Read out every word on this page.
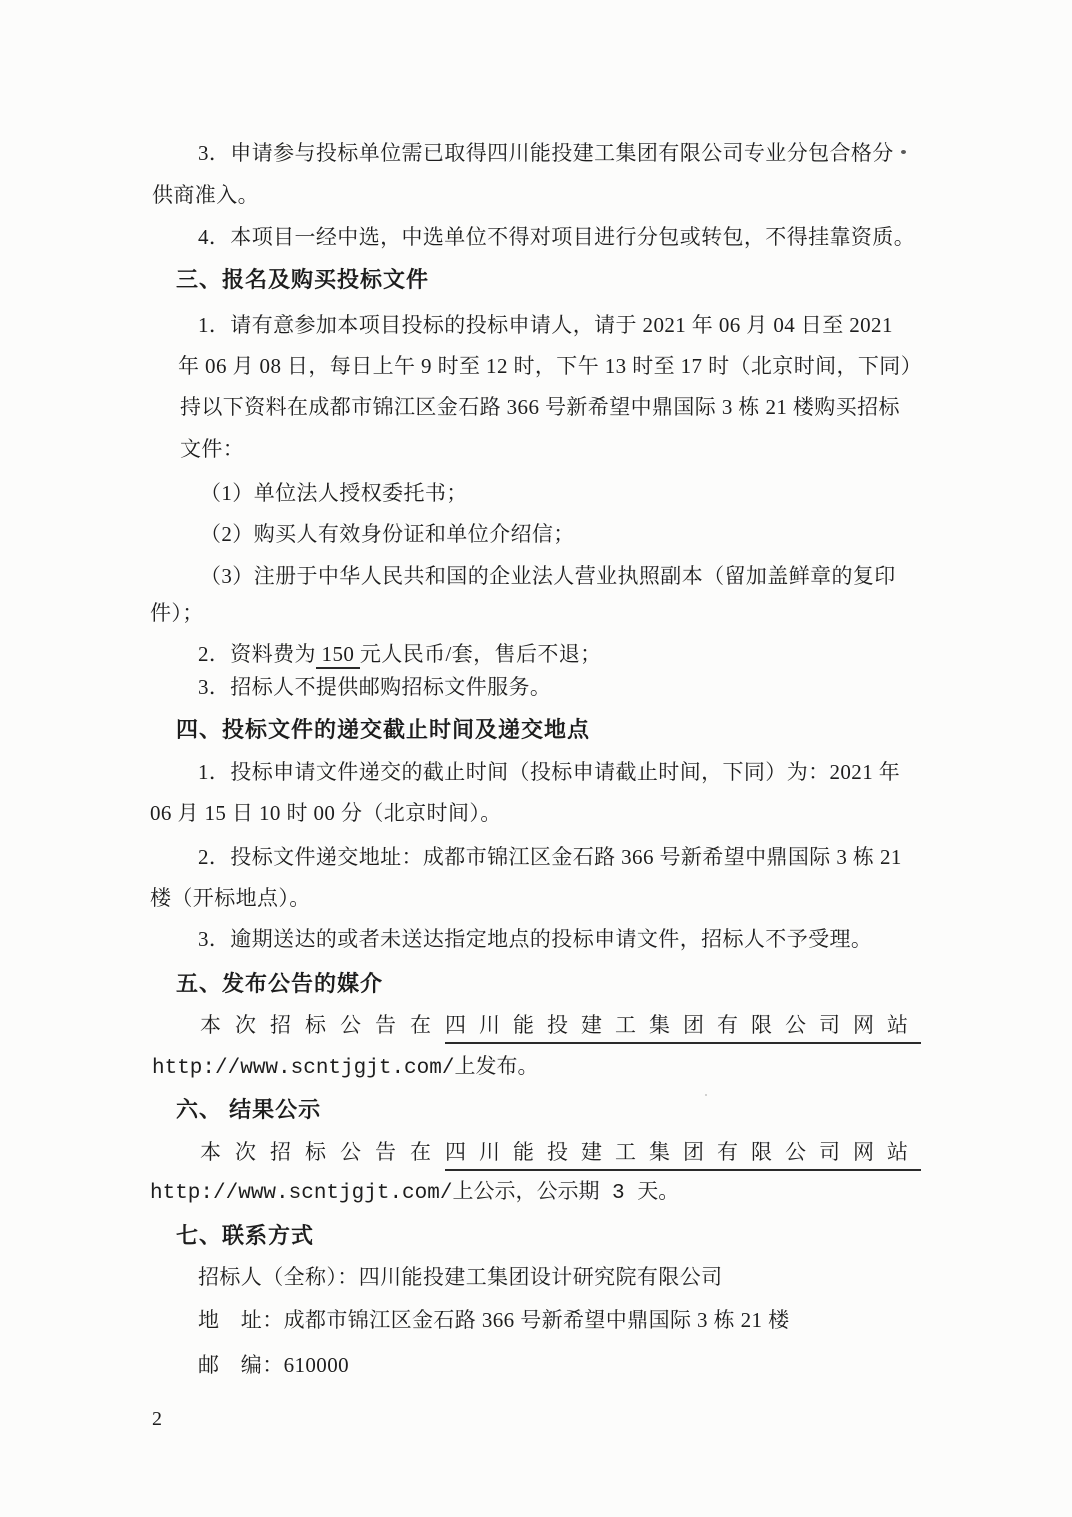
3．申请参与投标单位需已取得四川能投建工集团有限公司专业分包合格分
供商准入。
4．本项目一经中选，中选单位不得对项目进行分包或转包，不得挂靠资质。
三、报名及购买投标文件
1．请有意参加本项目投标的投标申请人，请于 2021 年 06 月 04 日至 2021
年 06 月 08 日，每日上午 9 时至 12 时，下午 13 时至 17 时（北京时间，下同）
持以下资料在成都市锦江区金石路 366 号新希望中鼎国际 3 栋 21 楼购买招标
文件：
（1）单位法人授权委托书；
（2）购买人有效身份证和单位介绍信；
（3）注册于中华人民共和国的企业法人营业执照副本（留加盖鲜章的复印
件）；
2．资料费为 150 元人民币/套，售后不退；
3．招标人不提供邮购招标文件服务。
四、投标文件的递交截止时间及递交地点
1．投标申请文件递交的截止时间（投标申请截止时间，下同）为：2021 年
06 月 15 日 10 时 00 分（北京时间）。
2．投标文件递交地址：成都市锦江区金石路 366 号新希望中鼎国际 3 栋 21
楼（开标地点）。
3．逾期送达的或者未送达指定地点的投标申请文件，招标人不予受理。
五、发布公告的媒介
本次招标公告在 四川能投建工集团有限公司网站
http://www.scntjgjt.com/上发布。
六、 结果公示
本次招标公告在 四川能投建工集团有限公司网站
http://www.scntjgjt.com/上公示，公示期 3 天。
七、联系方式
招标人（全称）：四川能投建工集团设计研究院有限公司
地　址：成都市锦江区金石路 366 号新希望中鼎国际 3 栋 21 楼
邮　编：610000
2
